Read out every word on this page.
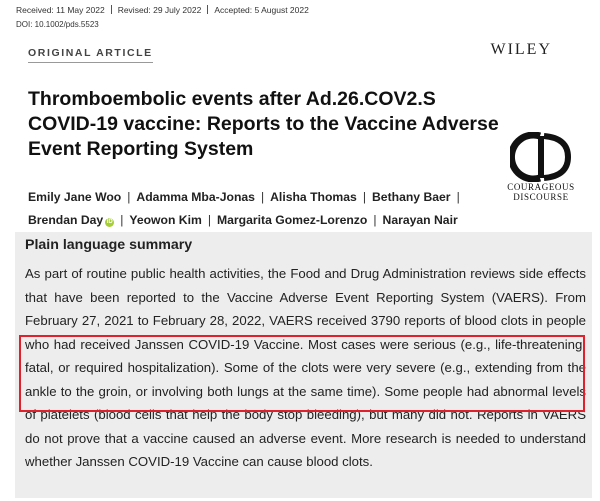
Received: 11 May 2022 Revised: 29 July 2022 Accepted: 5 August 2022
DOI: 10.1002/pds.5523
ORIGINAL ARTICLE	WILEY
Thromboembolic events after Ad.26.COV2.S COVID-19 vaccine: Reports to the Vaccine Adverse Event Reporting System
COURAGEOUS
DISCOURSE
Emily Jane Woo | Adamma Mba-Jonas | Alisha Thomas | Bethany Baer |
Brendan Day iD | Yeowon Kim | Margarita Gomez-Lorenzo | Narayan Nair
Plain language summary
As part of routine public health activities, the Food and Drug Administration reviews side effects
that have been reported to the Vaccine Adverse Event Reporting System (VAERS). From
February 27, 2021 to February 28, 2022, VAERS received 3790 reports of blood clots in people
who had received Janssen COVID-19 Vaccine. Most cases were serious (e.g., life-threatening,
fatal, or required hospitalization). Some of the clots were very severe (e.g., extending from the
ankle to the groin, or involving both lungs at the same time). Some people had abnormal levels
of platelets (blood cells that help the body stop bleeding), but many did not. Reports in VAERS
do not prove that a vaccine caused an adverse event. More research is needed to understand
whether Janssen COVID-19 Vaccine can cause blood clots.
